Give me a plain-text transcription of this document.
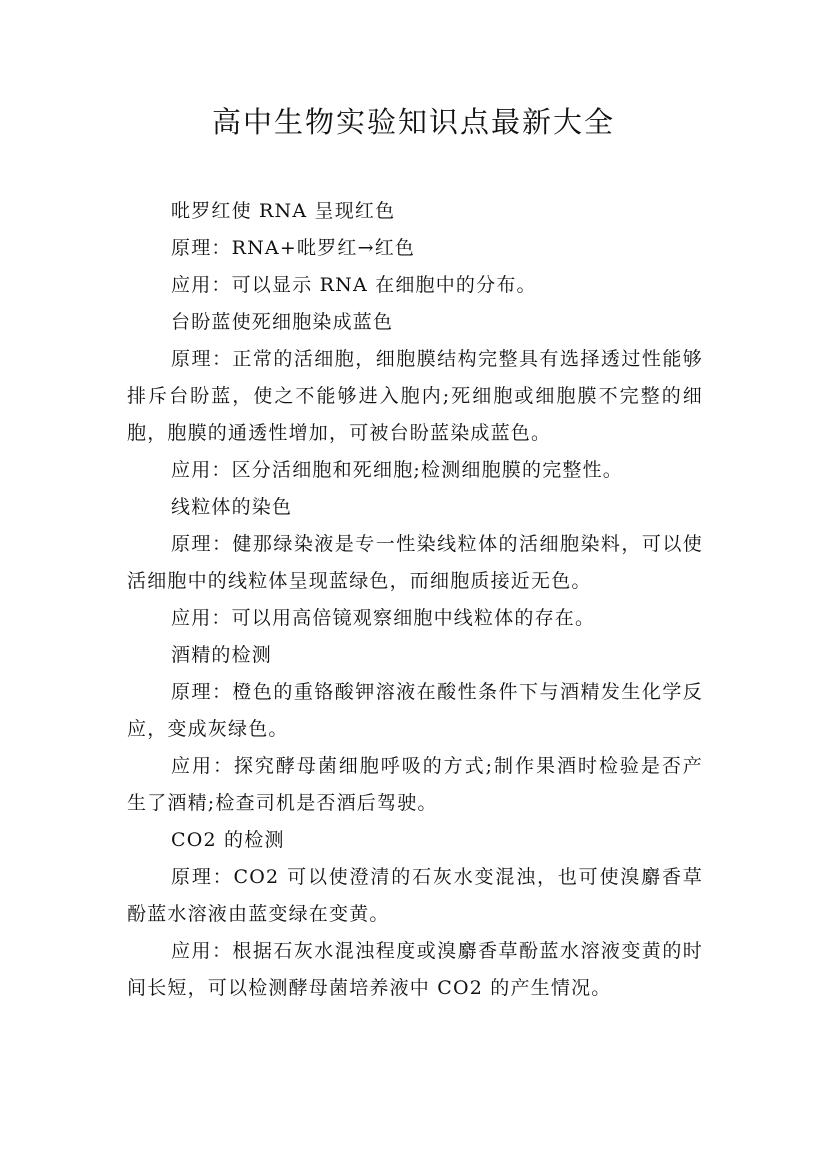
高中生物实验知识点最新大全

吡罗红使 RNA 呈现红色

原理：RNA+吡罗红→红色

应用：可以显示 RNA 在细胞中的分布。

台盼蓝使死细胞染成蓝色

原理：正常的活细胞，细胞膜结构完整具有选择透过性能够排斥台盼蓝，使之不能够进入胞内;死细胞或细胞膜不完整的细胞，胞膜的通透性增加，可被台盼蓝染成蓝色。

应用：区分活细胞和死细胞;检测细胞膜的完整性。

线粒体的染色

原理：健那绿染液是专一性染线粒体的活细胞染料，可以使活细胞中的线粒体呈现蓝绿色，而细胞质接近无色。

应用：可以用高倍镜观察细胞中线粒体的存在。

酒精的检测

原理：橙色的重铬酸钾溶液在酸性条件下与酒精发生化学反应，变成灰绿色。

应用：探究酵母菌细胞呼吸的方式;制作果酒时检验是否产生了酒精;检查司机是否酒后驾驶。

CO2 的检测

原理：CO2 可以使澄清的石灰水变混浊，也可使溴麝香草酚蓝水溶液由蓝变绿在变黄。

应用：根据石灰水混浊程度或溴麝香草酚蓝水溶液变黄的时间长短，可以检测酵母菌培养液中 CO2 的产生情况。
